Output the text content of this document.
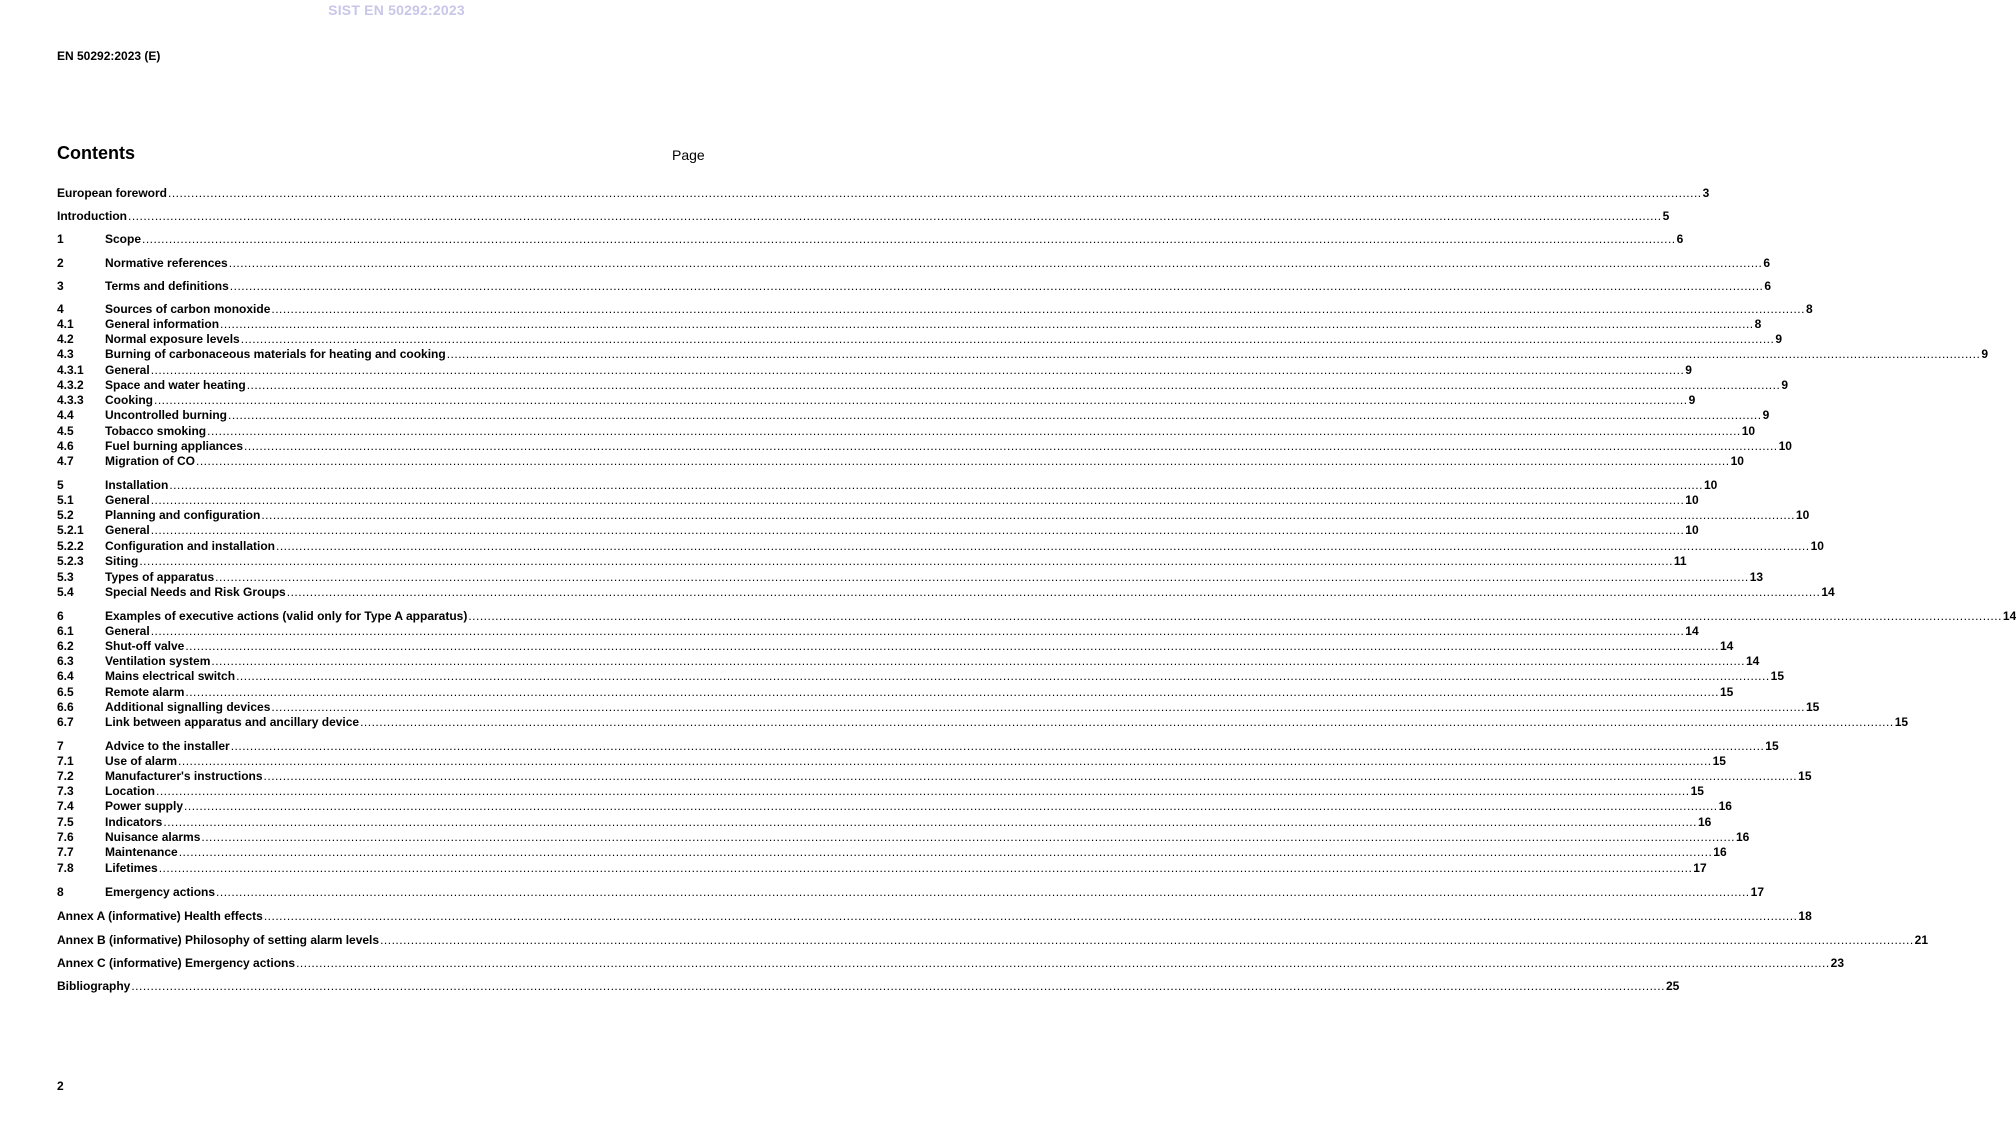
SIST EN 50292:2023
EN 50292:2023 (E)
Contents	Page
European foreword ................................................................................................................................................................................................................................................................................................................................................................................................................ 3
Introduction ................................................................................................................................................................................................................................................................................................................................................................................................................ 5
1	Scope ................................................................................................................................................................................................................................................................................................................................................................................................................ 6
2	Normative references ................................................................................................................................................................................................................................................................................................................................................................................................................ 6
3	Terms and definitions ................................................................................................................................................................................................................................................................................................................................................................................................................ 6
4	Sources of carbon monoxide ................................................................................................................................................................................................................................................................................................................................................................................................................ 8
4.1	General information ................................................................................................................................................................................................................................................................................................................................................................................................................ 8
4.2	Normal exposure levels ................................................................................................................................................................................................................................................................................................................................................................................................................ 9
4.3	Burning of carbonaceous materials for heating and cooking ................................................................................................................................................................................................................................................................................................................................................................................................................ 9
4.3.1	General ................................................................................................................................................................................................................................................................................................................................................................................................................ 9
4.3.2	Space and water heating ................................................................................................................................................................................................................................................................................................................................................................................................................ 9
4.3.3	Cooking ................................................................................................................................................................................................................................................................................................................................................................................................................ 9
4.4	Uncontrolled burning ................................................................................................................................................................................................................................................................................................................................................................................................................ 9
4.5	Tobacco smoking ................................................................................................................................................................................................................................................................................................................................................................................................................ 10
4.6	Fuel burning appliances ................................................................................................................................................................................................................................................................................................................................................................................................................ 10
4.7	Migration of CO ................................................................................................................................................................................................................................................................................................................................................................................................................ 10
5	Installation ................................................................................................................................................................................................................................................................................................................................................................................................................ 10
5.1	General ................................................................................................................................................................................................................................................................................................................................................................................................................ 10
5.2	Planning and configuration ................................................................................................................................................................................................................................................................................................................................................................................................................ 10
5.2.1	General ................................................................................................................................................................................................................................................................................................................................................................................................................ 10
5.2.2	Configuration and installation ................................................................................................................................................................................................................................................................................................................................................................................................................ 10
5.2.3	Siting ................................................................................................................................................................................................................................................................................................................................................................................................................ 11
5.3	Types of apparatus ................................................................................................................................................................................................................................................................................................................................................................................................................ 13
5.4	Special Needs and Risk Groups ................................................................................................................................................................................................................................................................................................................................................................................................................ 14
6	Examples of executive actions (valid only for Type A apparatus) ................................................................................................................................................................................................................................................................................................................................................................................................................ 14
6.1	General ................................................................................................................................................................................................................................................................................................................................................................................................................ 14
6.2	Shut-off valve ................................................................................................................................................................................................................................................................................................................................................................................................................ 14
6.3	Ventilation system ................................................................................................................................................................................................................................................................................................................................................................................................................ 14
6.4	Mains electrical switch ................................................................................................................................................................................................................................................................................................................................................................................................................ 15
6.5	Remote alarm ................................................................................................................................................................................................................................................................................................................................................................................................................ 15
6.6	Additional signalling devices ................................................................................................................................................................................................................................................................................................................................................................................................................ 15
6.7	Link between apparatus and ancillary device ................................................................................................................................................................................................................................................................................................................................................................................................................ 15
7	Advice to the installer ................................................................................................................................................................................................................................................................................................................................................................................................................ 15
7.1	Use of alarm ................................................................................................................................................................................................................................................................................................................................................................................................................ 15
7.2	Manufacturer's instructions ................................................................................................................................................................................................................................................................................................................................................................................................................ 15
7.3	Location ................................................................................................................................................................................................................................................................................................................................................................................................................ 15
7.4	Power supply ................................................................................................................................................................................................................................................................................................................................................................................................................ 16
7.5	Indicators ................................................................................................................................................................................................................................................................................................................................................................................................................ 16
7.6	Nuisance alarms ................................................................................................................................................................................................................................................................................................................................................................................................................ 16
7.7	Maintenance ................................................................................................................................................................................................................................................................................................................................................................................................................ 16
7.8	Lifetimes ................................................................................................................................................................................................................................................................................................................................................................................................................ 17
8	Emergency actions ................................................................................................................................................................................................................................................................................................................................................................................................................ 17
Annex A (informative) Health effects ................................................................................................................................................................................................................................................................................................................................................................................................................ 18
Annex B (informative) Philosophy of setting alarm levels ................................................................................................................................................................................................................................................................................................................................................................................................................ 21
Annex C (informative) Emergency actions ................................................................................................................................................................................................................................................................................................................................................................................................................ 23
Bibliography ................................................................................................................................................................................................................................................................................................................................................................................................................ 25
2
